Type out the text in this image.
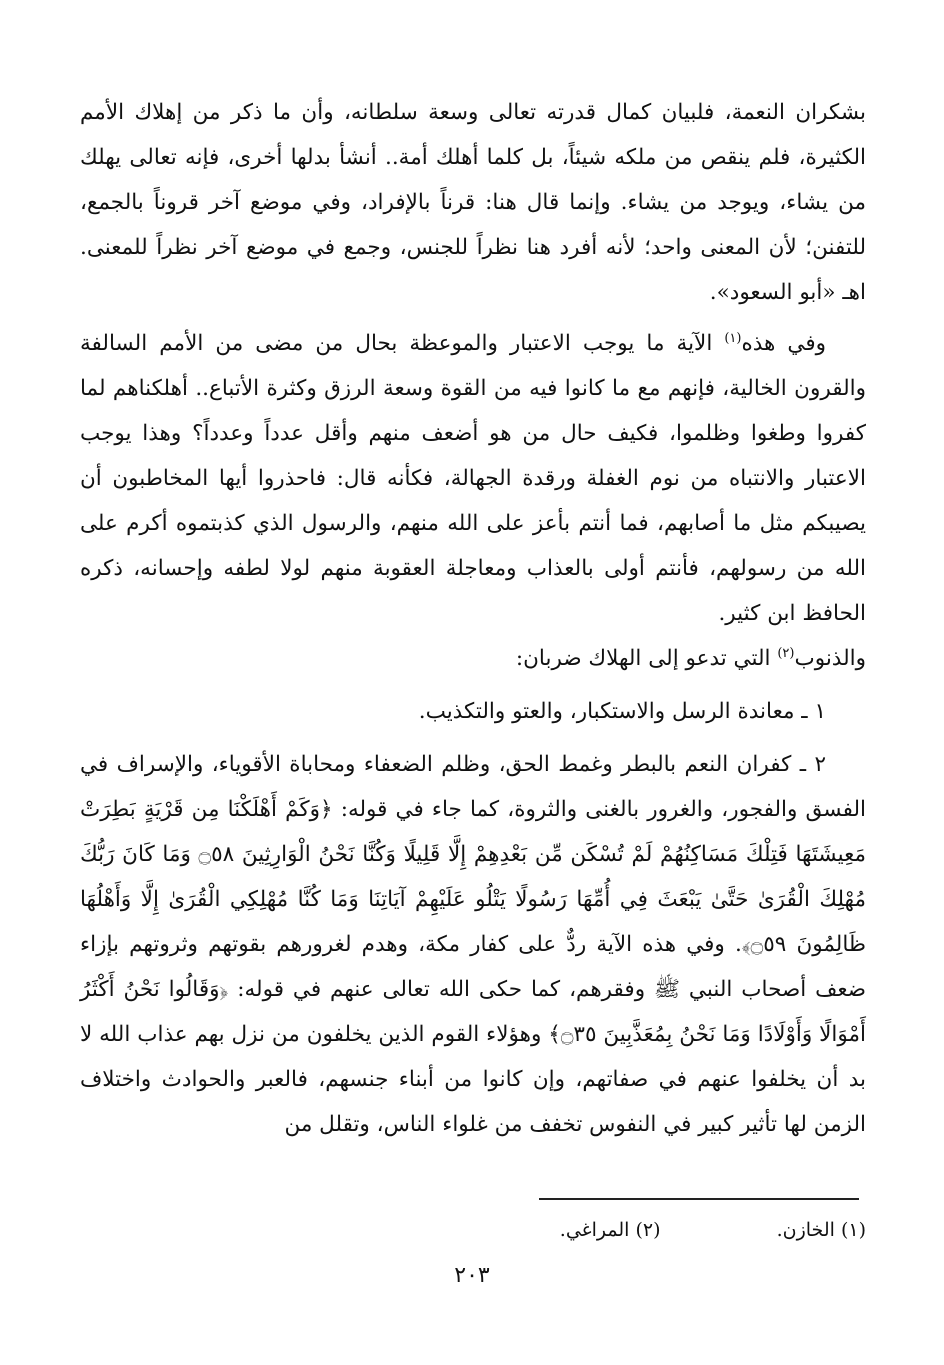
بشكران النعمة، فلبيان كمال قدرته تعالى وسعة سلطانه، وأن ما ذكر من إهلاك الأمم الكثيرة، فلم ينقص من ملكه شيئاً، بل كلما أهلك أمة.. أنشأ بدلها أخرى، فإنه تعالى يهلك من يشاء، ويوجد من يشاء. وإنما قال هنا: قرناً بالإفراد، وفي موضع آخر قروناً بالجمع، للتفنن؛ لأن المعنى واحد؛ لأنه أفرد هنا نظراً للجنس، وجمع في موضع آخر نظراً للمعنى. اهـ «أبو السعود».

وفي هذه$^{(١)}$ الآية ما يوجب الاعتبار والموعظة بحال من مضى من الأمم السالفة والقرون الخالية، فإنهم مع ما كانوا فيه من القوة وسعة الرزق وكثرة الأتباع.. أهلكناهم لما كفروا وطغوا وظلموا، فكيف حال من هو أضعف منهم وأقل عدداً وعدداً؟ وهذا يوجب الاعتبار والانتباه من نوم الغفلة ورقدة الجهالة، فكأنه قال: فاحذروا أيها المخاطبون أن يصيبكم مثل ما أصابهم، فما أنتم بأعز على الله منهم، والرسول الذي كذبتموه أكرم على الله من رسولهم، فأنتم أولى بالعذاب ومعاجلة العقوبة منهم لولا لطفه وإحسانه، ذكره الحافظ ابن كثير.

والذنوب$^{(٢)}$ التي تدعو إلى الهلاك ضربان:

١ ـ معاندة الرسل والاستكبار، والعتو والتكذيب.

٢ ـ كفران النعم بالبطر وغمط الحق، وظلم الضعفاء ومحاباة الأقوياء، والإسراف في الفسق والفجور، والغرور بالغنى والثروة، كما جاء في قوله: ﴿وَكَمْ أَهْلَكْنَا مِن قَرْيَةٍ بَطِرَتْ مَعِيشَتَهَا فَتِلْكَ مَسَاكِنُهُمْ لَمْ تُسْكَن مِّن بَعْدِهِمْ إِلَّا قَلِيلًا وَكُنَّا نَحْنُ الْوَارِثِينَ ۝٥٨ وَمَا كَانَ رَبُّكَ مُهْلِكَ الْقُرَىٰ حَتَّىٰ يَبْعَثَ فِي أُمِّهَا رَسُولًا يَتْلُو عَلَيْهِمْ آيَاتِنَا وَمَا كُنَّا مُهْلِكِي الْقُرَىٰ إِلَّا وَأَهْلُهَا ظَالِمُونَ ۝٥٩﴾. وفي هذه الآية ردٌّ على كفار مكة، وهدم لغرورهم بقوتهم وثروتهم بإزاء ضعف أصحاب النبي ﷺ وفقرهم، كما حكى الله تعالى عنهم في قوله: ﴿وَقَالُوا نَحْنُ أَكْثَرُ أَمْوَالًا وَأَوْلَادًا وَمَا نَحْنُ بِمُعَذَّبِينَ ۝٣٥﴾ وهؤلاء القوم الذين يخلفون من نزل بهم عذاب الله لا بد أن يخلفوا عنهم في صفاتهم، وإن كانوا من أبناء جنسهم، فالعبر والحوادث واختلاف الزمن لها تأثير كبير في النفوس تخفف من غلواء الناس، وتقلل من

(١) الخازن. (٢) المراغي.
٢٠٣
